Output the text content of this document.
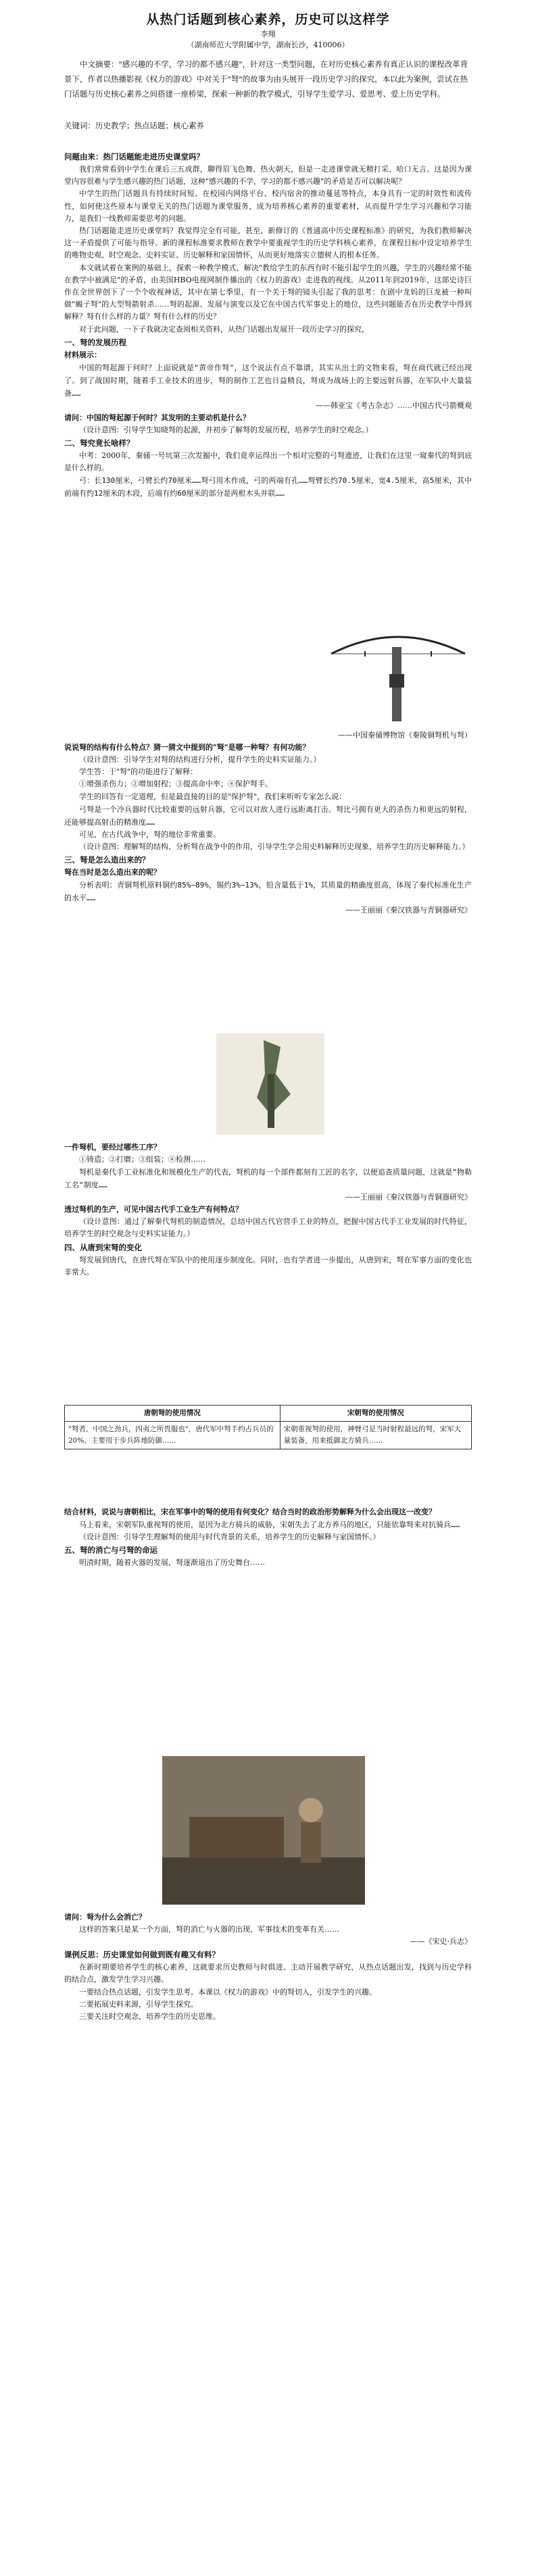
从热门话题到核心素养，历史可以这样学
李翔
（湖南师范大学附属中学，湖南长沙，410006）
中文摘要："感兴趣的不学，学习的都不感兴趣"，针对这一类型问题，在对历史核心素养有真正认识的课程改革背景下，作者以热播影视《权力的游戏》中对关于"弩"的故事为由头展开一段历史学习的探究，本以此为案例，尝试在热门话题与历史核心素养之间搭建一座桥梁，探索一种新的教学模式，引导学生爱学习、爱思考、爱上历史学科。
关键词：历史教学；热点话题；核心素养

问题由来：热门话题能走进历史课堂吗？

我们常常看到中学生在课后三五成群，聊得眉飞色舞、热火朝天，但是一走进课堂就无精打采、哈口无言。这是因为课堂内容很难与学生感兴趣的热门话题，这种"感兴趣的不学，学习的都不感兴趣"的矛盾是否可以解决呢？

中学生的热门话题具有持续时间短、在校园内网络平台、校内宿舍的推动蔓延等特点，本身具有一定的时效性和流传性，如何使这些原本与课堂无关的热门话题为课堂服务，成为培养核心素养的重要素材，从而提升学生学习兴趣和学习能力，是我们一线教师需要思考的问题。

热门话题能走进历史课堂吗？我觉得完全有可能，甚至，新修订的《普通高中历史课程标准》的研究，为我们教师解决这一矛盾提供了可能与指导。新的课程标准要求教师在教学中要重视学生的历史学科核心素养，在课程目标中设定培养学生的唯物史观、时空观念、史料实证、历史解释和家国情怀，从而更好地落实立德树人的根本任务。

本文就试着在案例的基础上，探索一种教学模式，解决"教给学生的东西有时不能引起学生的兴趣，学生的兴趣经常不能在教学中被满足"的矛盾，由美国HBO电视网制作播出的《权力的游戏》走进我的视线。从2011年到2019年，这部史诗巨作在全世界创下了一个个收视神话，其中在第七季里，有一个关于弩的镜头引起了我的思考：在剧中龙妈的巨龙被一种叫做"蝎子弩"的大型弩箭射杀……弩的起源、发展与演变以及它在中国古代军事史上的地位，这些问题能否在历史教学中得到解释？弩有什么样的力量？弩有什么样的历史？

对于此问题，一下子我就决定查阅相关资料，从热门话题出发展开一段历史学习的探究，

一、弩的发展历程

材料展示：

中国的弩起源于何时？上面说就是"黄帝作弩"，这个说法有点不靠谱，其实从出土的文物来看，弩在商代就已经出现了。到了战国时期，随着手工业技术的进步，弩的制作工艺也日益精良，弩成为战场上的主要远射兵器，在军队中大量装备……

——韩亚宝《考古杂志》……中国古代弓箭概观

请问：中国的弩起源于何时？其发明的主要动机是什么？

（设计意图：引导学生知晓弩的起源，并初步了解弩的发展历程，培养学生的时空观念。）

二、弩究竟长啥样？

中考：2000年，秦俑一号坑第三次发掘中，我们竟幸运得出一个相对完整的弓弩遗迹，让我们在这里一窥秦代的弩到底是什么样的。

弓：长130厘米，弓臂长约70厘米……弩弓用木作成，弓的两端有孔……弩臂长约70.5厘米，宽4.5厘米，高5厘米，其中前端有约12厘米的木段，后端有约60厘米的部分是两根木头并联……

——中国秦俑博物馆（秦陵铜弩机与弩）

说说弩的结构有什么特点？猜一猜文中提到的"弩"是哪一种弩？有何功能？

（设计意图：引导学生对弩的结构进行分析，提升学生的史料实证能力。）

学生答：于"弩"的功能进行了解释：

①增强杀伤力；②增加射程；③提高命中率；④保护弩手。

学生的回答有一定道理，但是最直接的目的是"保护弩"，我们来听听专家怎么说：

弓弩是一个冷兵器时代比较重要的远射兵器，它可以对敌人进行远距离打击。弩比弓拥有更大的杀伤力和更远的射程，还能够提高射击的精准度……

可见，在古代战争中，弩的地位非常重要。

（设计意图：理解弩的结构、分析弩在战争中的作用，引导学生学会用史料解释历史现象，培养学生的历史解释能力。）

三、弩是怎么造出来的？

弩在当时是怎么造出来的呢？

分析表明：青铜弩机原料铜约85%~89%，锡约3%~13%，铅含量低于1%，其质量的精确度很高，体现了秦代标准化生产的水平……

——王丽丽《秦汉铁器与青铜器研究》

一件弩机，要经过哪些工序？

①铸造；②打磨；③组装；④检测……

弩机是秦代手工业标准化和规模化生产的代表，弩机的每一个部件都刻有工匠的名字，以便追查质量问题，这就是"物勒工名"制度……

——王丽丽《秦汉铁器与青铜器研究》

透过弩机的生产，可见中国古代手工业生产有何特点？

（设计意图：通过了解秦代弩机的制造情况，总结中国古代官营手工业的特点，把握中国古代手工业发展的时代特征，培养学生的时空观念与史料实证能力。）

四、从唐到宋弩的变化

弩发展到唐代，在唐代弩在军队中的使用逐步制度化。同时，也有学者进一步提出，从唐到宋，弩在军事方面的变化也非常大。

唐朝弩的使用情况	宋朝弩的使用情况
"弩者，中国之劲兵，四夷之所畏服也"，唐代军中弩手约占兵员的20%，主要用于步兵阵地防御……	宋朝重视弩的使用，神臂弓是当时射程最远的弩，宋军大量装备，用来抵御北方骑兵……

结合材料，说说与唐朝相比，宋在军事中的弩的使用有何变化？结合当时的政治形势解释为什么会出现这一改变？

马上看来，宋朝军队重视弩的使用，是因为北方骑兵的威胁，宋朝失去了北方养马的地区，只能依靠弩来对抗骑兵……

（设计意图：引导学生理解弩的使用与时代背景的关系，培养学生的历史解释与家国情怀。）

五、弩的消亡与弓弩的命运

明清时期，随着火器的发展，弩逐渐退出了历史舞台……

请问：弩为什么会消亡？

这样的答案只是某一个方面，弩的消亡与火器的出现、军事技术的变革有关……

——《宋史·兵志》

课例反思：历史课堂如何做到既有趣又有料？

在新时期要培养学生的核心素养，这就要求历史教师与时俱进、主动开展教学研究，从热点话题出发，找到与历史学科的结合点，激发学生学习兴趣。

一要结合热点话题，引发学生思考。本课以《权力的游戏》中的弩切入，引发学生的兴趣。

二要拓展史料来源，引导学生探究。

三要关注时空观念，培养学生的历史思维。
